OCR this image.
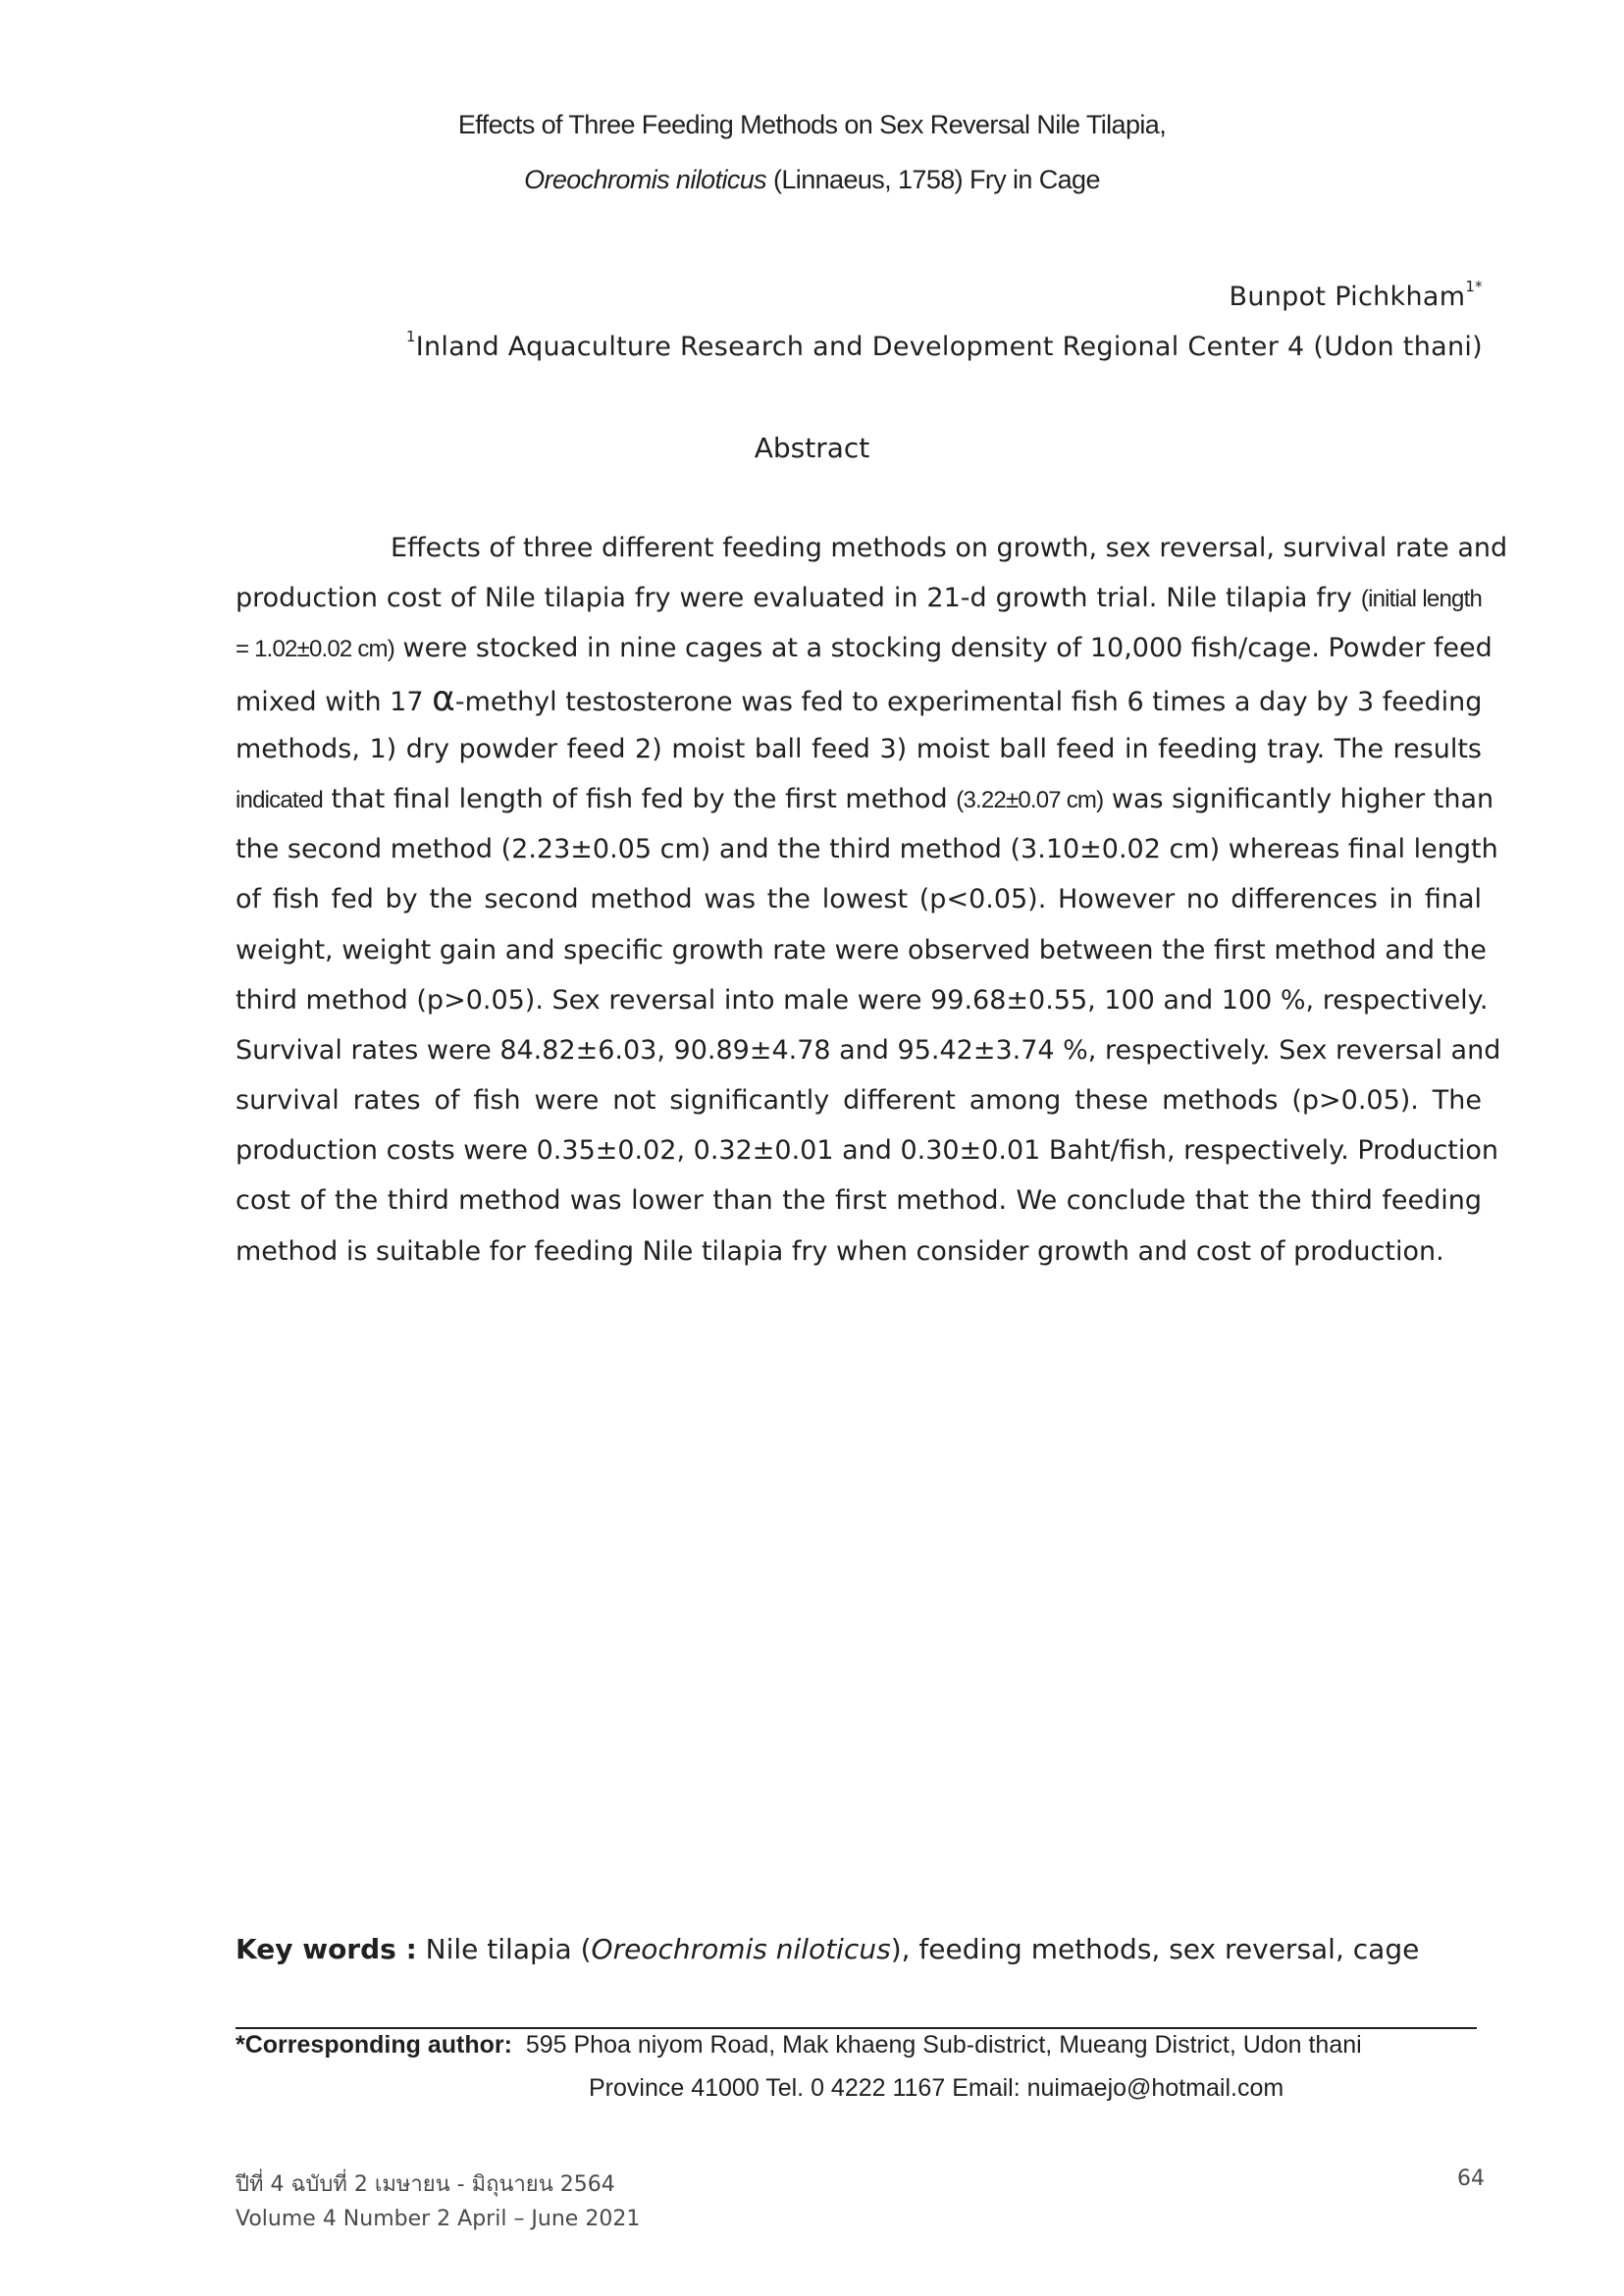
Effects of Three Feeding Methods on Sex Reversal Nile Tilapia,
Oreochromis niloticus (Linnaeus, 1758) Fry in Cage
Bunpot Pichkham$^{1*}$
$^1$Inland Aquaculture Research and Development Regional Center 4 (Udon thani)
Abstract
Effects of three different feeding methods on growth, sex reversal, survival rate and
production cost of Nile tilapia fry were evaluated in 21-d growth trial. Nile tilapia fry (initial length
= 1.02±0.02 cm) were stocked in nine cages at a stocking density of 10,000 fish/cage. Powder feed
mixed with 17 α-methyl testosterone was fed to experimental fish 6 times a day by 3 feeding
methods, 1) dry powder feed 2) moist ball feed 3) moist ball feed in feeding tray. The results
indicated that final length of fish fed by the first method (3.22±0.07 cm) was significantly higher than
the second method (2.23±0.05 cm) and the third method (3.10±0.02 cm) whereas final length
of fish fed by the second method was the lowest (p<0.05). However no differences in final
weight, weight gain and specific growth rate were observed between the first method and the
third method (p>0.05). Sex reversal into male were 99.68±0.55, 100 and 100 %, respectively.
Survival rates were 84.82±6.03, 90.89±4.78 and 95.42±3.74 %, respectively. Sex reversal and
survival rates of fish were not significantly different among these methods (p>0.05). The
production costs were 0.35±0.02, 0.32±0.01 and 0.30±0.01 Baht/fish, respectively. Production
cost of the third method was lower than the first method. We conclude that the third feeding
method is suitable for feeding Nile tilapia fry when consider growth and cost of production.
Key words : Nile tilapia (Oreochromis niloticus), feeding methods, sex reversal, cage
*Corresponding author: 595 Phoa niyom Road, Mak khaeng Sub-district, Mueang District, Udon thani
Province 41000 Tel. 0 4222 1167 Email: nuimaejo@hotmail.com
ปีที่ 4 ฉบับที่ 2 เมษายน - มิถุนายน 2564
Volume 4 Number 2 April – June 2021
64
